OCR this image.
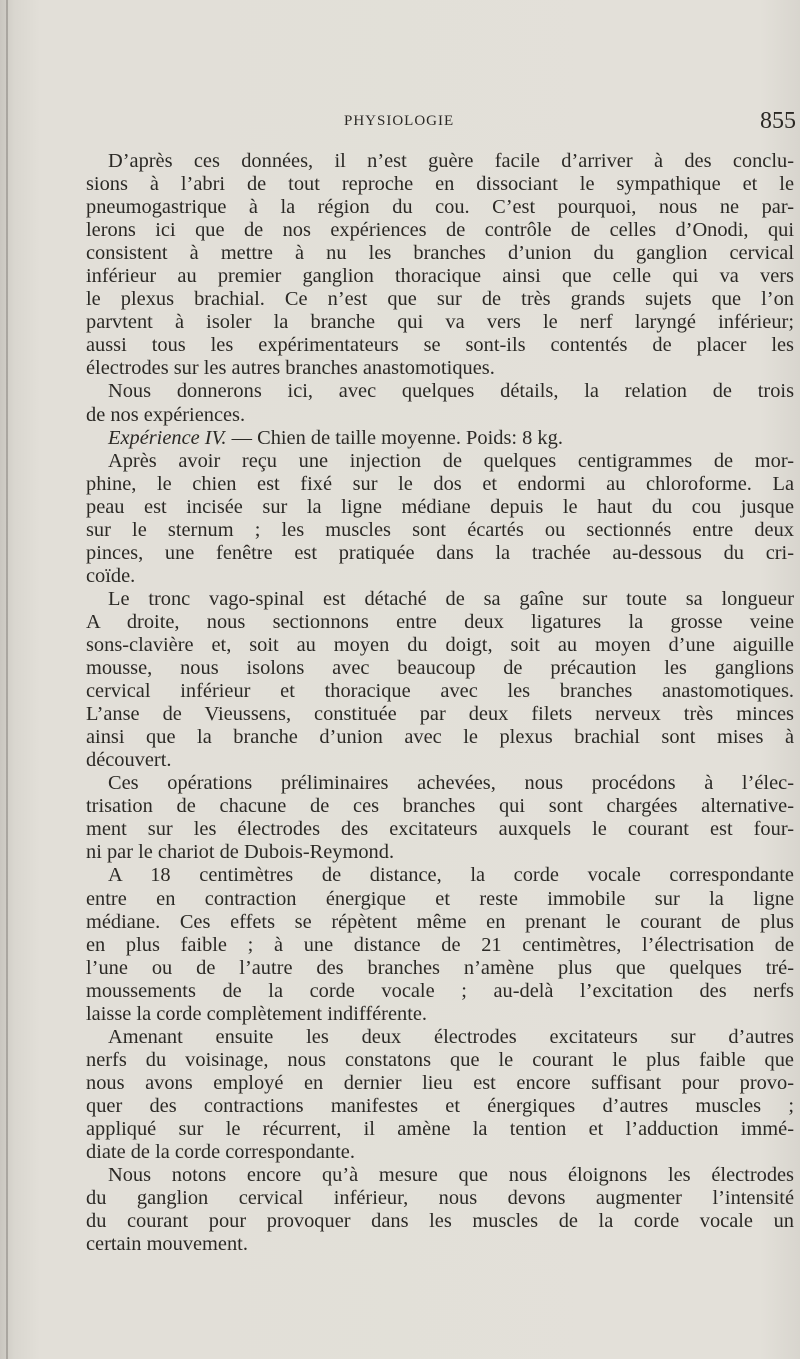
PHYSIOLOGIE	855
D’après ces données, il n’est guère facile d’arriver à des conclu-
sions à l’abri de tout reproche en dissociant le sympathique et le
pneumogastrique à la région du cou. C’est pourquoi, nous ne par-
lerons ici que de nos expériences de contrôle de celles d’Onodi, qui
consistent à mettre à nu les branches d’union du ganglion cervical
inférieur au premier ganglion thoracique ainsi que celle qui va vers
le plexus brachial. Ce n’est que sur de très grands sujets que l’on
parvtent à isoler la branche qui va vers le nerf laryngé inférieur;
aussi tous les expérimentateurs se sont-ils contentés de placer les
électrodes sur les autres branches anastomotiques.
Nous donnerons ici, avec quelques détails, la relation de trois
de nos expériences.
Expérience IV. — Chien de taille moyenne. Poids: 8 kg.
Après avoir reçu une injection de quelques centigrammes de mor-
phine, le chien est fixé sur le dos et endormi au chloroforme. La
peau est incisée sur la ligne médiane depuis le haut du cou jusque
sur le sternum ; les muscles sont écartés ou sectionnés entre deux
pinces, une fenêtre est pratiquée dans la trachée au-dessous du cri-
coïde.
Le tronc vago-spinal est détaché de sa gaîne sur toute sa longueur
A droite, nous sectionnons entre deux ligatures la grosse veine
sons-clavière et, soit au moyen du doigt, soit au moyen d’une aiguille
mousse, nous isolons avec beaucoup de précaution les ganglions
cervical inférieur et thoracique avec les branches anastomotiques.
L’anse de Vieussens, constituée par deux filets nerveux très minces
ainsi que la branche d’union avec le plexus brachial sont mises à
découvert.
Ces opérations préliminaires achevées, nous procédons à l’élec-
trisation de chacune de ces branches qui sont chargées alternative-
ment sur les électrodes des excitateurs auxquels le courant est four-
ni par le chariot de Dubois-Reymond.
A 18 centimètres de distance, la corde vocale correspondante
entre en contraction énergique et reste immobile sur la ligne
médiane. Ces effets se répètent même en prenant le courant de plus
en plus faible ; à une distance de 21 centimètres, l’électrisation de
l’une ou de l’autre des branches n’amène plus que quelques tré-
moussements de la corde vocale ; au-delà l’excitation des nerfs
laisse la corde complètement indifférente.
Amenant ensuite les deux électrodes excitateurs sur d’autres
nerfs du voisinage, nous constatons que le courant le plus faible que
nous avons employé en dernier lieu est encore suffisant pour provo-
quer des contractions manifestes et énergiques d’autres muscles ;
appliqué sur le récurrent, il amène la tention et l’adduction immé-
diate de la corde correspondante.
Nous notons encore qu’à mesure que nous éloignons les électrodes
du ganglion cervical inférieur, nous devons augmenter l’intensité
du courant pour provoquer dans les muscles de la corde vocale un
certain mouvement.
